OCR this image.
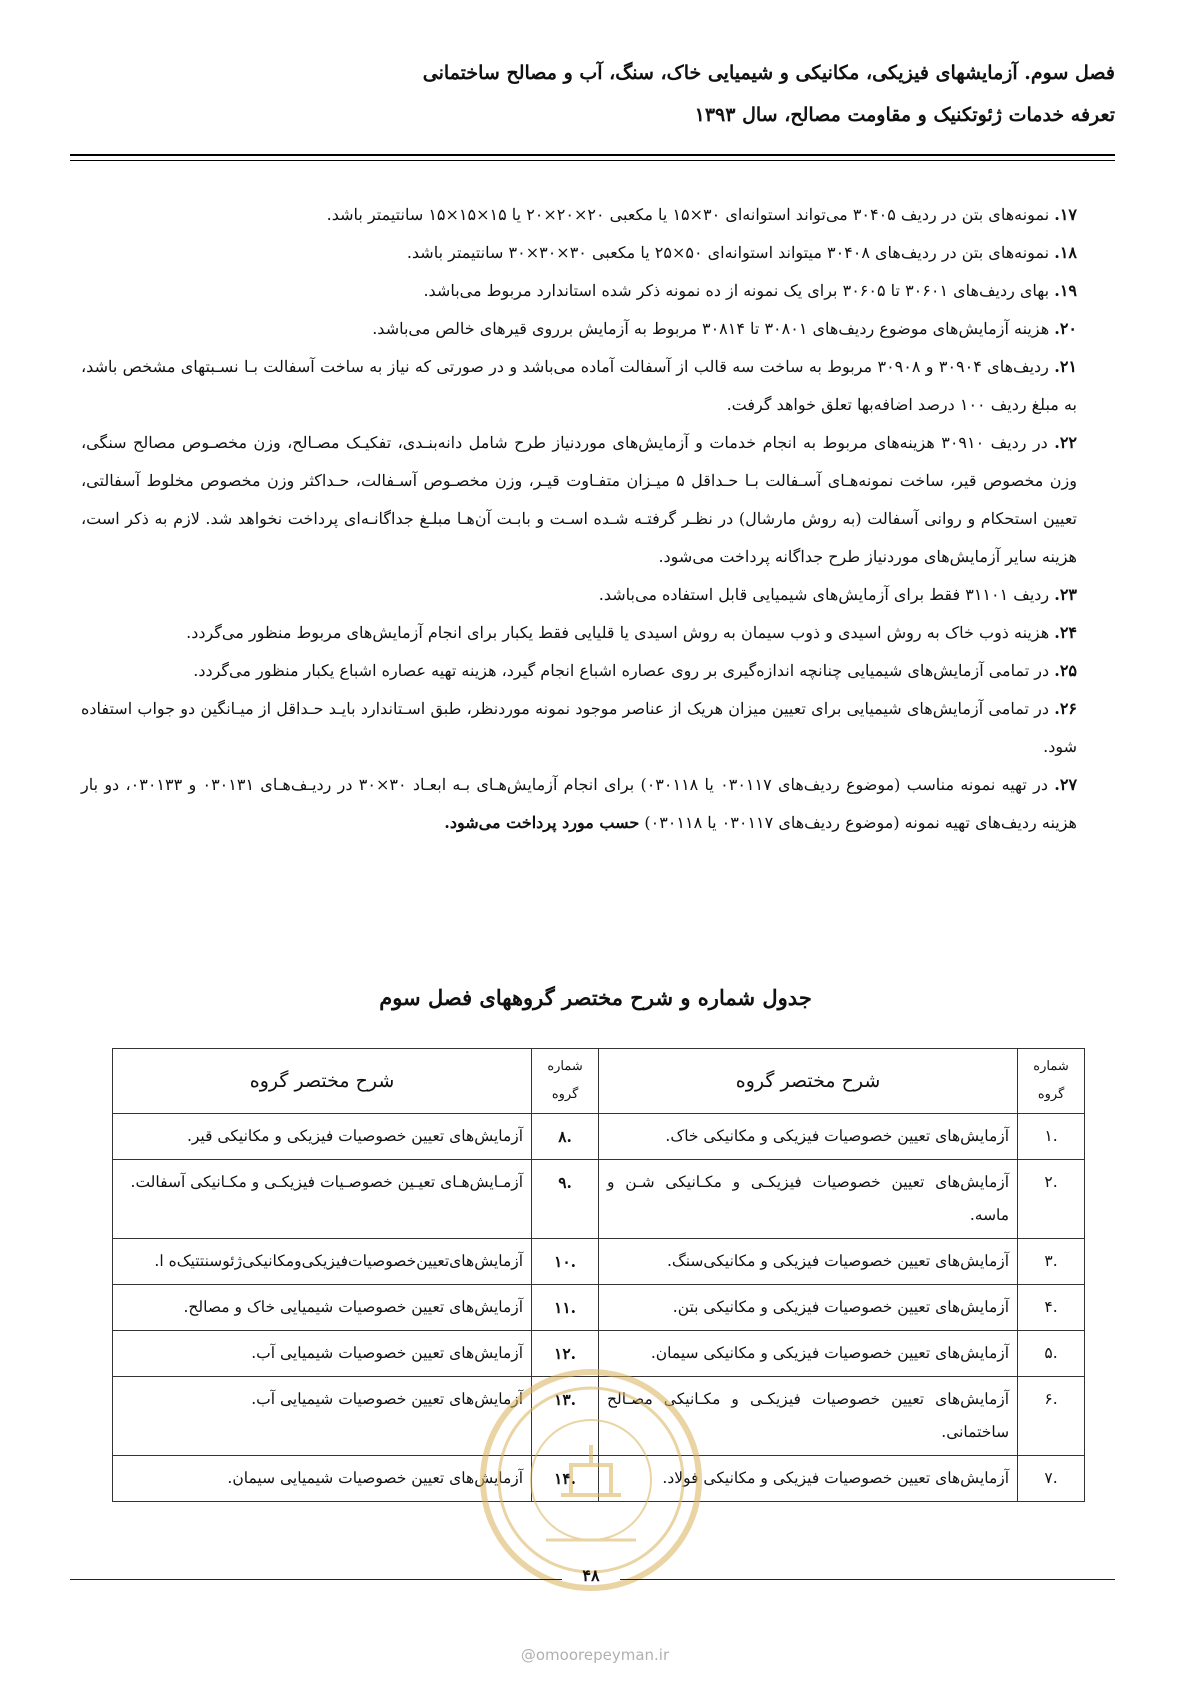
فصل سوم. آزمایشهای فیزیکی، مکانیکی و شیمیایی خاک، سنگ، آب و مصالح ساختمانی
تعرفه خدمات ژئوتکنیک و مقاومت مصالح، سال ۱۳۹۳

۱۷. نمونه‌های بتن در ردیف ۳۰۴۰۵ می‌تواند استوانه‌ای ۳۰×۱۵ یا مکعبی ۲۰×۲۰×۲۰ یا ۱۵×۱۵×۱۵ سانتیمتر باشد.

۱۸. نمونه‌های بتن در ردیف‌های ۳۰۴۰۸ میتواند استوانه‌ای ۵۰×۲۵ یا مکعبی ۳۰×۳۰×۳۰ سانتیمتر باشد.

۱۹. بهای ردیف‌های ۳۰۶۰۱ تا ۳۰۶۰۵ برای یک نمونه از ده نمونه ذکر شده استاندارد مربوط می‌باشد.

۲۰. هزینه آزمایش‌های موضوع ردیف‌های ۳۰۸۰۱ تا ۳۰۸۱۴ مربوط به آزمایش برروی قیرهای خالص می‌باشد.

۲۱. ردیف‌های ۳۰۹۰۴ و ۳۰۹۰۸ مربوط به ساخت سه قالب از آسفالت آماده می‌باشد و در صورتی که نیاز به ساخت آسفالت بـا نسـبتهای مشخص باشد، به مبلغ ردیف ۱۰۰ درصد اضافه‌بها تعلق خواهد گرفت.

۲۲. در ردیف ۳۰۹۱۰ هزینه‌های مربوط به انجام خدمات و آزمایش‌های موردنیاز طرح شامل دانه‌بنـدی، تفکیـک مصـالح، وزن مخصـوص مصالح سنگی، وزن مخصوص قیر، ساخت نمونه‌هـای آسـفالت بـا حـداقل ۵ میـزان متفـاوت قیـر، وزن مخصـوص آسـفالت، حـداکثر وزن مخصوص مخلوط آسفالتی، تعیین استحکام و روانی آسفالت (به روش مارشال) در نظـر گرفتـه شـده اسـت و بابـت آن‌هـا مبلـغ جداگانـه‌ای پرداخت نخواهد شد. لازم به ذکر است، هزینه سایر آزمایش‌های موردنیاز طرح جداگانه پرداخت می‌شود.

۲۳. ردیف ۳۱۱۰۱ فقط برای آزمایش‌های شیمیایی قابل استفاده می‌باشد.

۲۴. هزینه ذوب خاک به روش اسیدی و ذوب سیمان به روش اسیدی یا قلیایی فقط یکبار برای انجام آزمایش‌های مربوط منظور می‌گردد.

۲۵. در تمامی آزمایش‌های شیمیایی چنانچه اندازه‌گیری بر روی عصاره اشباع انجام گیرد، هزینه تهیه عصاره اشباع یکبار منظور می‌گردد.

۲۶. در تمامی آزمایش‌های شیمیایی برای تعیین میزان هریک از عناصر موجود نمونه موردنظر، طبق اسـتاندارد بایـد حـداقل از میـانگین دو جواب استفاده شود.

۲۷. در تهیه نمونه مناسب (موضوع ردیف‌های ۰۳۰۱۱۷ یا ۰۳۰۱۱۸) برای انجام آزمایش‌هـای بـه ابعـاد ۳۰×۳۰ در ردیـف‌هـای ۰۳۰۱۳۱ و ۰۳۰۱۳۳، دو بار هزینه ردیف‌های تهیه نمونه (موضوع ردیف‌های ۰۳۰۱۱۷ یا ۰۳۰۱۱۸) حسب مورد پرداخت می‌شود.

جدول شماره و شرح مختصر گروههای فصل سوم
شماره گروه	شرح مختصر گروه	شماره گروه	شرح مختصر گروه
.۱	آزمایش‌های تعیین خصوصیات فیزیکی و مکانیکی خاک.	.۸	آزمایش‌های تعیین خصوصیات فیزیکی و مکانیکی قیر.
.۲	آزمایش‌های تعیین خصوصیات فیزیکـی و مکـانیکی شـن و ماسه.	.۹	آزمـایش‌هـای تعیـین خصوصـیات فیزیکـی و مکـانیکی آسفالت.
.۳	آزمایش‌های تعیین خصوصیات فیزیکی و مکانیکی‌سنگ.	.۱۰	آزمایش‌های‌تعیین‌خصوصیات‌فیزیکی‌ومکانیکی‌ژئوسنتتیک‌ه ا.
.۴	آزمایش‌های تعیین خصوصیات فیزیکی و مکانیکی بتن.	.۱۱	آزمایش‌های تعیین خصوصیات شیمیایی خاک و مصالح.
.۵	آزمایش‌های تعیین خصوصیات فیزیکی و مکانیکی سیمان.	.۱۲	آزمایش‌های تعیین خصوصیات شیمیایی آب.
.۶	آزمایش‌های تعیین خصوصیات فیزیکـی و مکـانیکی مصـالح ساختمانی.	.۱۳	آزمایش‌های تعیین خصوصیات شیمیایی آب.
.۷	آزمایش‌های تعیین خصوصیات فیزیکی و مکانیکی فولاد.	.۱۴	آزمایش‌های تعیین خصوصیات شیمیایی سیمان.
۴۸
@omoorepeyman.ir
